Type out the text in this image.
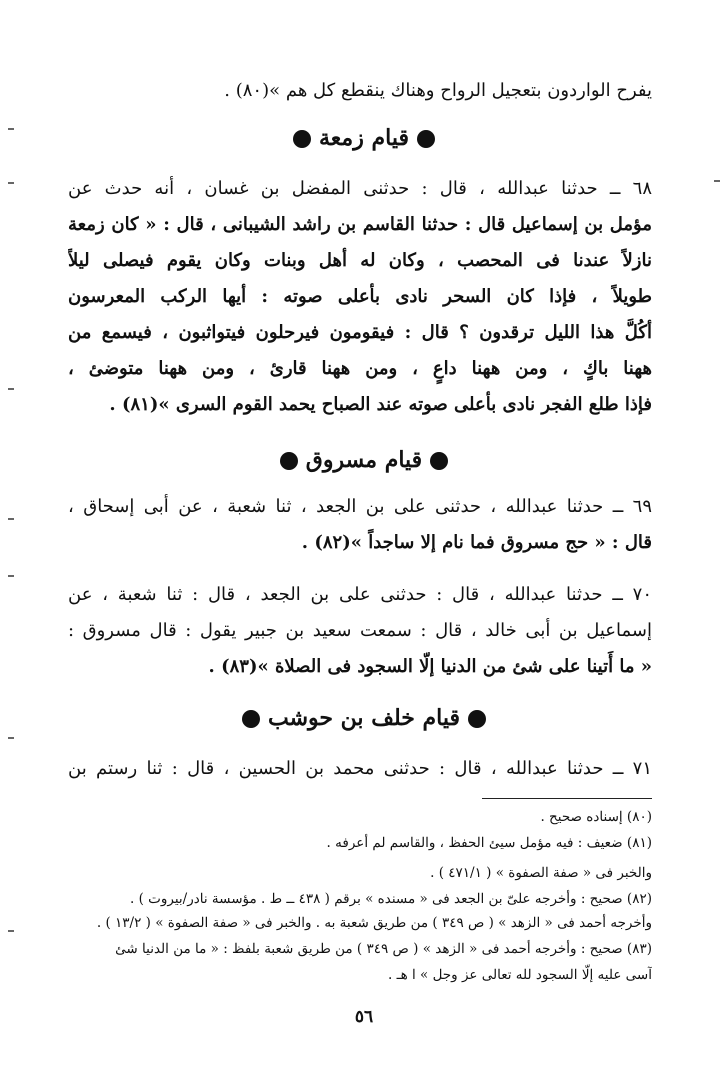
يفرح الواردون بتعجيل الرواح وهناك ينقطع كل هم »(٨٠) .
قيام زمعة
٦٨ ــ حدثنا عبدالله ، قال : حدثنى المفضل بن غسان ، أنه حدث عن
مؤمل بن إسماعيل قال : حدثنا القاسم بن راشد الشيبانى ، قال : « كان زمعة
نازلاً عندنا فى المحصب ، وكان له أهل وبنات وكان يقوم فيصلى ليلاً
طويلاً ، فإذا كان السحر نادى بأعلى صوته : أيها الركب المعرسون
أكُلَّ هذا الليل ترقدون ؟ قال : فيقومون فيرحلون فيتواثبون ، فيسمع من
ههنا باكٍ ، ومن ههنا داعٍ ، ومن ههنا قارئ ، ومن ههنا متوضئ ،
فإذا طلع الفجر نادى بأعلى صوته عند الصباح يحمد القوم السرى »(٨١) .
قيام مسروق
٦٩ ــ حدثنا عبدالله ، حدثنى على بن الجعد ، ثنا شعبة ، عن أبى إسحاق ،
قال : « حج مسروق فما نام إلا ساجداً »(٨٢) .
٧٠ ــ حدثنا عبدالله ، قال : حدثنى على بن الجعد ، قال : ثنا شعبة ، عن
إسماعيل بن أبى خالد ، قال : سمعت سعيد بن جبير يقول : قال مسروق :
« ما أَتينا على شئ من الدنيا إلّا السجود فى الصلاة »(٨٣) .
قيام خلف بن حوشب
٧١ ــ حدثنا عبدالله ، قال : حدثنى محمد بن الحسين ، قال : ثنا رستم بن
(٨٠) إسناده صحيح .
(٨١) ضعيف : فيه مؤمل سيئ الحفظ ، والقاسم لم أعرفه .
والخبر فى « صفة الصفوة » ( ٤٧١/١ ) .
(٨٢) صحيح : وأخرجه علىّ بن الجعد فى « مسنده » برقم ( ٤٣٨ ــ ط . مؤسسة نادر/بيروت ) .
وأخرجه أحمد فى « الزهد » ( ص ٣٤٩ ) من طريق شعبة به . والخبر فى « صفة الصفوة » ( ١٣/٢ ) .
(٨٣) صحيح : وأخرجه أحمد فى « الزهد » ( ص ٣٤٩ ) من طريق شعبة بلفظ : « ما من الدنيا شئ
آسى عليه إلّا السجود لله تعالى عز وجل » ا هـ .
٥٦
